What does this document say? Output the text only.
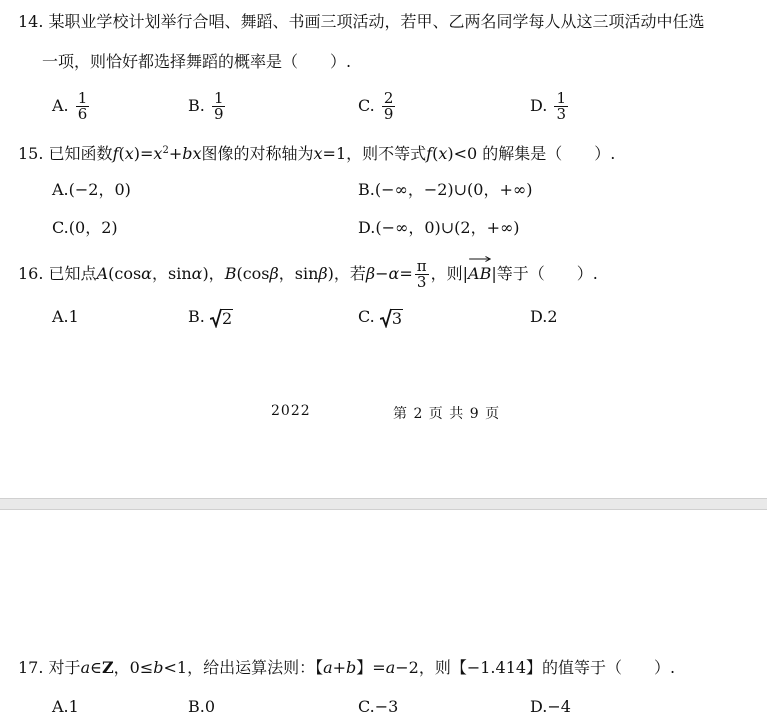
14. 某职业学校计划举行合唱、舞蹈、书画三项活动，若甲、乙两名同学每人从这三项活动中任选
一项，则恰好都选择舞蹈的概率是（　　）.
A. $\frac{1}{6}$	B. $\frac{1}{9}$	C. $\frac{2}{9}$	D. $\frac{1}{3}$
15. 已知函数$f(x)=x^2+bx$图像的对称轴为x=1，则不等式f(x)<0 的解集是（　　）.
A.(−2，0)	B.(−∞，−2)∪(0，+∞)
C.(0，2)	D.(−∞，0)∪(2，+∞)
16. 已知点A(cosα，sinα)，B(cosβ，sinβ)，若$\beta-\alpha= \frac{\pi}{3}$ ，则|
AB|等于（　　）.
A.1	B. 2	C. 3	D.2
2022	第 2 页 共 9 页
17. 对于a∈Z，0≤b<1，给出运算法则：【a+b】=a−2，则【−1.414】的值等于（　　）.
A.1	B.0	C.−3	D.−4
